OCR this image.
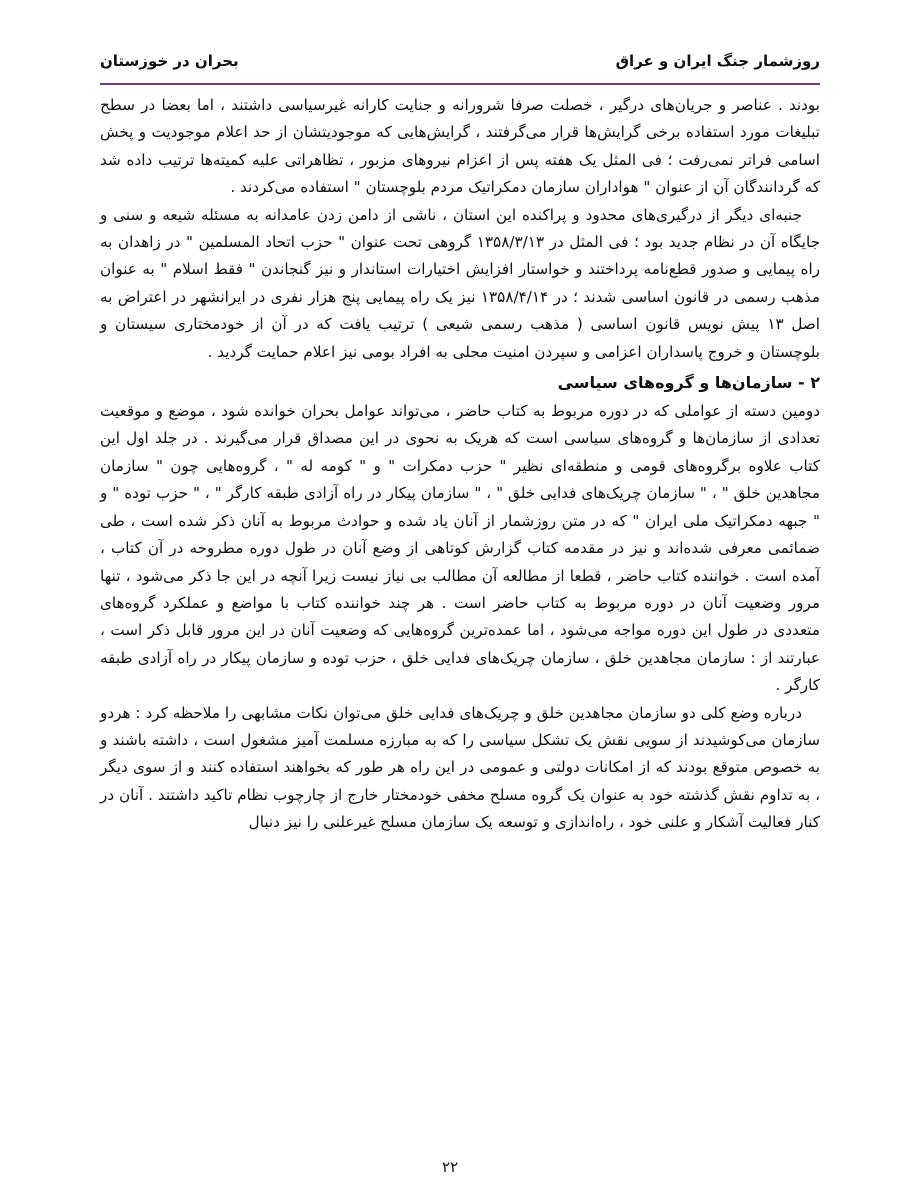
روزشمار جنگ ایران و عراق
بحران در خوزستان

بودند . عناصر و جریان‌های درگیر ، خصلت صرفا شرورانه و جنایت کارانه غیرسیاسی داشتند ، اما بعضا در سطح تبلیغات مورد استفاده برخی گرایش‌ها قرار می‌گرفتند ، گرایش‌هایی که موجودیتشان از حد اعلام موجودیت و پخش اسامی فراتر نمی‌رفت ؛ فی المثل یک هفته پس از اعزام نیروهای مزبور ، تظاهراتی علیه کمیته‌ها ترتیب داده شد که گردانندگان آن از عنوان " هواداران سازمان دمکراتیک مردم بلوچستان " استفاده می‌کردند .

جنبه‌ای دیگر از درگیری‌های محدود و پراکنده این استان ، ناشی از دامن زدن عامدانه به مسئله شیعه و سنی و جایگاه آن در نظام جدید بود ؛ فی المثل در ۱۳۵۸/۳/۱۳ گروهی تحت عنوان " حزب اتحاد المسلمین " در زاهدان به راه پیمایی و صدور قطع‌نامه پرداختند و خواستار افزایش اختیارات استاندار و نیز گنجاندن " فقط اسلام " به عنوان مذهب رسمی در قانون اساسی شدند ؛ در ۱۳۵۸/۴/۱۴ نیز یک راه پیمایی پنج هزار نفری در ایرانشهر در اعتراض به اصل ۱۳ پیش نویس قانون اساسی ( مذهب رسمی شیعی ) ترتیب یافت که در آن از خودمختاری سیستان و بلوچستان و خروج پاسداران اعزامی و سپردن امنیت محلی به افراد بومی نیز اعلام حمایت گردید .

۲ - سازمان‌ها و گروه‌های سیاسی

دومین دسته از عواملی که در دوره مربوط به کتاب حاضر ، می‌تواند عوامل بحران خوانده شود ، موضع و موقعیت تعدادی از سازمان‌ها و گروه‌های سیاسی است که هریک به نحوی در این مصداق قرار می‌گیرند . در جلد اول این کتاب علاوه برگروه‌های قومی و منطقه‌ای نظیر " حزب دمکرات " و " کومه له " ، گروه‌هایی چون " سازمان مجاهدین خلق " ، " سازمان چریک‌های فدایی خلق " ، " سازمان پیکار در راه آزادی طبقه کارگر " ، " حزب توده " و " جبهه دمکراتیک ملی ایران " که در متن روزشمار از آنان یاد شده و حوادث مربوط به آنان ذکر شده است ، طی ضمائمی معرفی شده‌اند و نیز در مقدمه کتاب گزارش کوتاهی از وضع آنان در طول دوره مطروحه در آن کتاب ، آمده است . خواننده کتاب حاضر ، قطعا از مطالعه آن مطالب بی نیاز نیست زیرا آنچه در این جا ذکر می‌شود ، تنها مرور وضعیت آنان در دوره مربوط به کتاب حاضر است . هر چند خواننده کتاب با مواضع و عملکرد گروه‌های متعددی در طول این دوره مواجه می‌شود ، اما عمده‌ترین گروه‌هایی که وضعیت آنان در این مرور قابل ذکر است ، عبارتند از : سازمان مجاهدین خلق ، سازمان چریک‌های فدایی خلق ، حزب توده و سازمان پیکار در راه آزادی طبقه کارگر .

درباره وضع کلی دو سازمان مجاهدین خلق و چریک‌های فدایی خلق می‌توان نکات مشابهی را ملاحظه کرد : هردو سازمان می‌کوشیدند از سویی نقش یک تشکل سیاسی را که به مبارزه مسلمت آمیز مشغول است ، داشته باشند و به خصوص متوقع بودند که از امکانات دولتی و عمومی در این راه هر طور که بخواهند استفاده کنند و از سوی دیگر ، به تداوم نقش گذشته خود به عنوان یک گروه مسلح مخفی خودمختار خارج از چارچوب نظام تاکید داشتند . آنان در کنار فعالیت آشکار و علنی خود ، راه‌اندازی و توسعه یک سازمان مسلح غیرعلنی را نیز دنبال

۲۲
